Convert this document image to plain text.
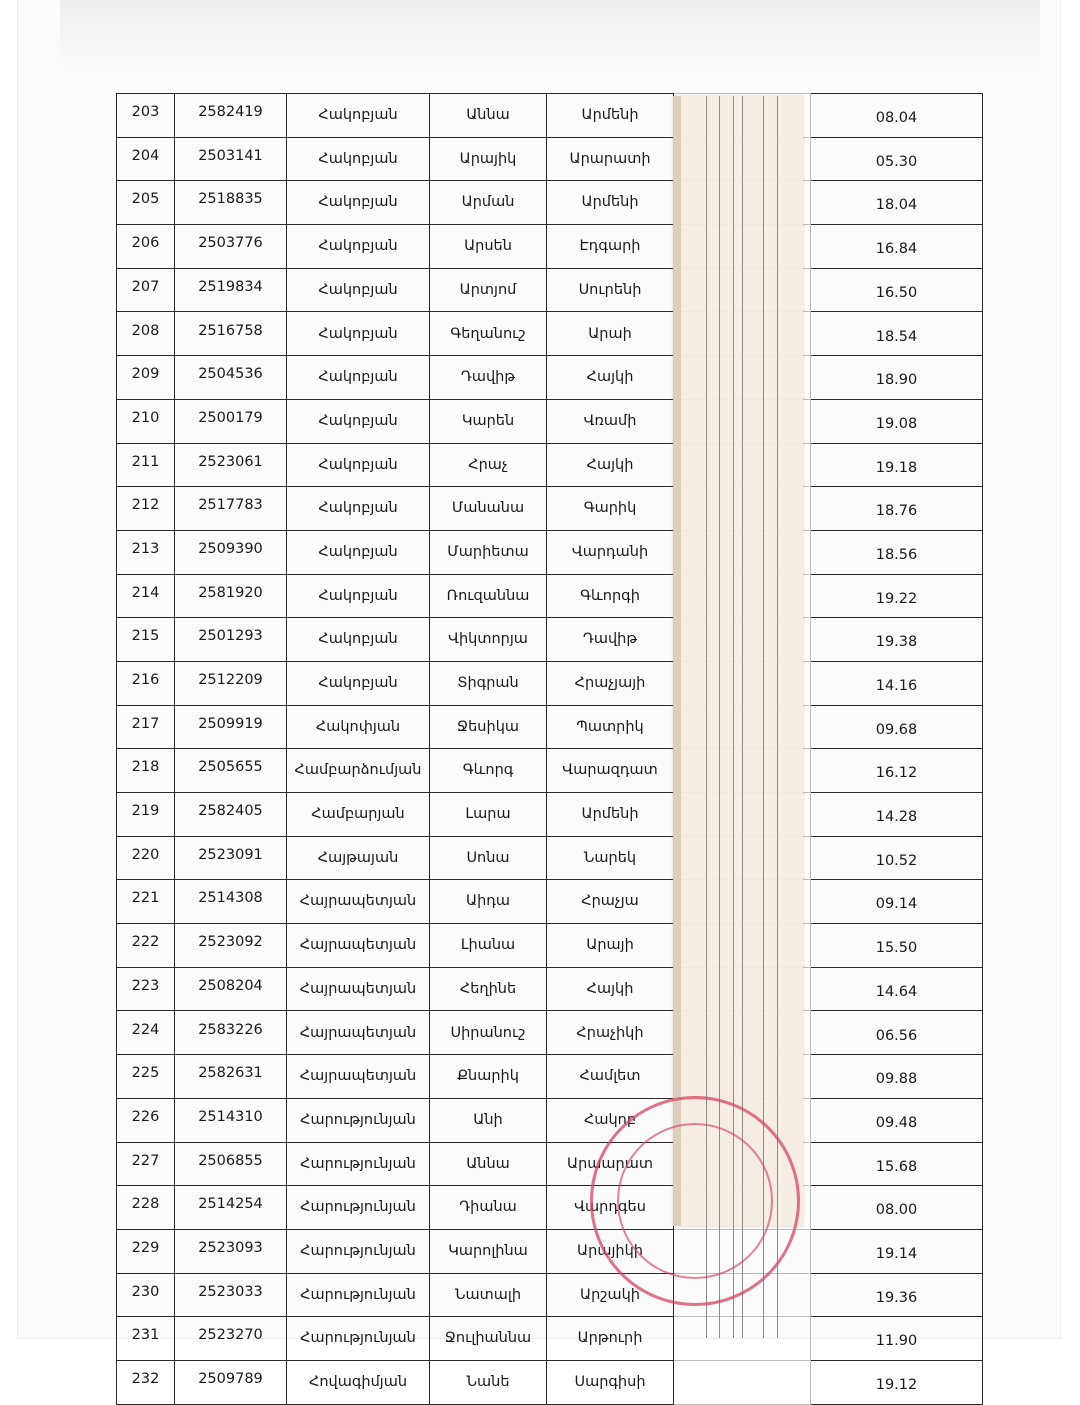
203	2582419	Հակոբյան	Աննա	Արմենի		08.04
204	2503141	Հակոբյան	Արայիկ	Արարատի		05.30
205	2518835	Հակոբյան	Արման	Արմենի		18.04
206	2503776	Հակոբյան	Արսեն	Էդգարի		16.84
207	2519834	Հակոբյան	Արտյոմ	Սուրենի		16.50
208	2516758	Հակոբյան	Գեղանուշ	Արաի		18.54
209	2504536	Հակոբյան	Դավիթ	Հայկի		18.90
210	2500179	Հակոբյան	Կարեն	Վռամի		19.08
211	2523061	Հակոբյան	Հրաչ	Հայկի		19.18
212	2517783	Հակոբյան	Մանանա	Գարիկ		18.76
213	2509390	Հակոբյան	Մարիետա	Վարդանի		18.56
214	2581920	Հակոբյան	Ռուզաննա	Գևորգի		19.22
215	2501293	Հակոբյան	Վիկտորյա	Դավիթ		19.38
216	2512209	Հակոբյան	Տիգրան	Հրաչյայի		14.16
217	2509919	Հակոփյան	Ջեսիկա	Պատրիկ		09.68
218	2505655	Համբարձումյան	Գևորգ	Վարազդատ		16.12
219	2582405	Համբարյան	Լարա	Արմենի		14.28
220	2523091	Հայթայան	Սոնա	Նարեկ		10.52
221	2514308	Հայրապետյան	Աիդա	Հրաչյա		09.14
222	2523092	Հայրապետյան	Լիանա	Արայի		15.50
223	2508204	Հայրապետյան	Հեղինե	Հայկի		14.64
224	2583226	Հայրապետյան	Սիրանուշ	Հրաչիկի		06.56
225	2582631	Հայրապետյան	Քնարիկ	Համլետ		09.88
226	2514310	Հարությունյան	Անի	Հակոբ		09.48
227	2506855	Հարությունյան	Աննա	Արաարատ		15.68
228	2514254	Հարությունյան	Դիանա	Վարդգես		08.00
229	2523093	Հարությունյան	Կարոլինա	Արայիկի		19.14
230	2523033	Հարությունյան	Նատալի	Արշակի		19.36
231	2523270	Հարությունյան	Ջուլիաննա	Արթուրի		11.90
232	2509789	Հովագիմյան	Նանե	Սարգիսի		19.12
